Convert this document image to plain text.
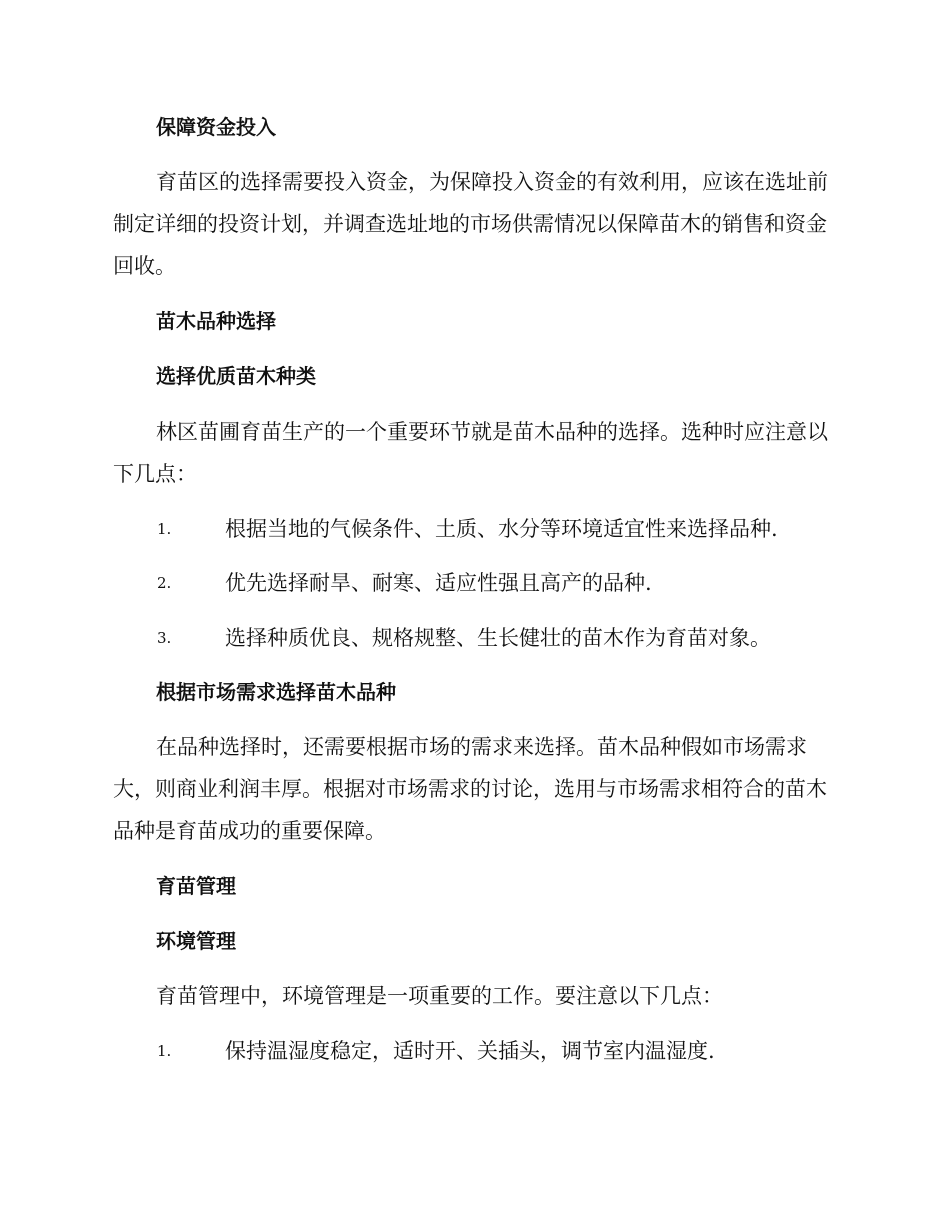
保障资金投入
育苗区的选择需要投入资金，为保障投入资金的有效利用，应该在选址前制定详细的投资计划，并调查选址地的市场供需情况以保障苗木的销售和资金回收。
苗木品种选择
选择优质苗木种类
林区苗圃育苗生产的一个重要环节就是苗木品种的选择。选种时应注意以下几点：
1.	根据当地的气候条件、土质、水分等环境适宜性来选择品种.
2.	优先选择耐旱、耐寒、适应性强且高产的品种.
3.	选择种质优良、规格规整、生长健壮的苗木作为育苗对象。
根据市场需求选择苗木品种
在品种选择时，还需要根据市场的需求来选择。苗木品种假如市场需求大，则商业利润丰厚。根据对市场需求的讨论，选用与市场需求相符合的苗木品种是育苗成功的重要保障。
育苗管理
环境管理
育苗管理中，环境管理是一项重要的工作。要注意以下几点：
1.	保持温湿度稳定，适时开、关插头，调节室内温湿度.
